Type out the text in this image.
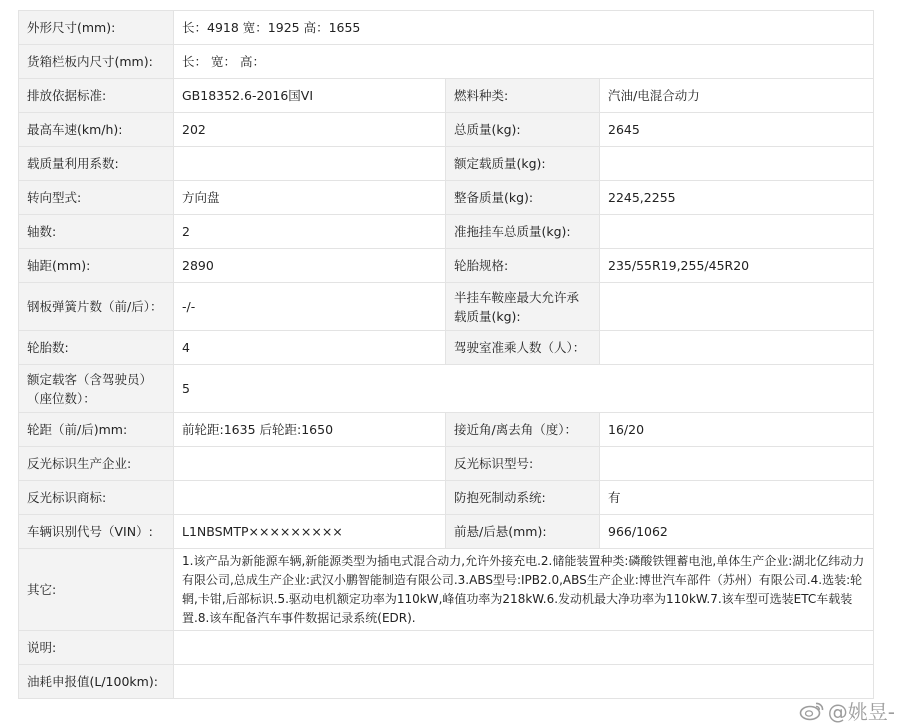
外形尺寸(mm):	长：4918 宽：1925 高：1655		
货箱栏板内尺寸(mm):	长： 宽： 高：		
排放依据标准:	GB18352.6-2016国VI	燃料种类:	汽油/电混合动力
最高车速(km/h):	202	总质量(kg):	2645
载质量利用系数:		额定载质量(kg):	
转向型式:	方向盘	整备质量(kg):	2245,2255
轴数:	2	准拖挂车总质量(kg):	
轴距(mm):	2890	轮胎规格:	235/55R19,255/45R20
钢板弹簧片数（前/后）：	-/-	半挂车鞍座最大允许承载质量(kg):	
轮胎数:	4	驾驶室准乘人数（人）：	
额定载客（含驾驶员）（座位数）：	5		
轮距（前/后)mm:	前轮距:1635 后轮距:1650	接近角/离去角（度）：	16/20
反光标识生产企业:		反光标识型号:	
反光标识商标:		防抱死制动系统:	有
车辆识别代号（VIN）:	L1NBSMTP×××××××××	前悬/后悬(mm):	966/1062
其它:	1.该产品为新能源车辆,新能源类型为插电式混合动力,允许外接充电.2.储能装置种类:磷酸铁锂蓄电池,单体生产企业:湖北亿纬动力有限公司,总成生产企业:武汉小鹏智能制造有限公司.3.ABS型号:IPB2.0,ABS生产企业:博世汽车部件（苏州）有限公司.4.选装:轮辋,卡钳,后部标识.5.驱动电机额定功率为110kW,峰值功率为218kW.6.发动机最大净功率为110kW.7.该车型可选装ETC车载装置.8.该车配备汽车事件数据记录系统(EDR).		
说明:			
油耗申报值(L/100km):			
@姚昱-
